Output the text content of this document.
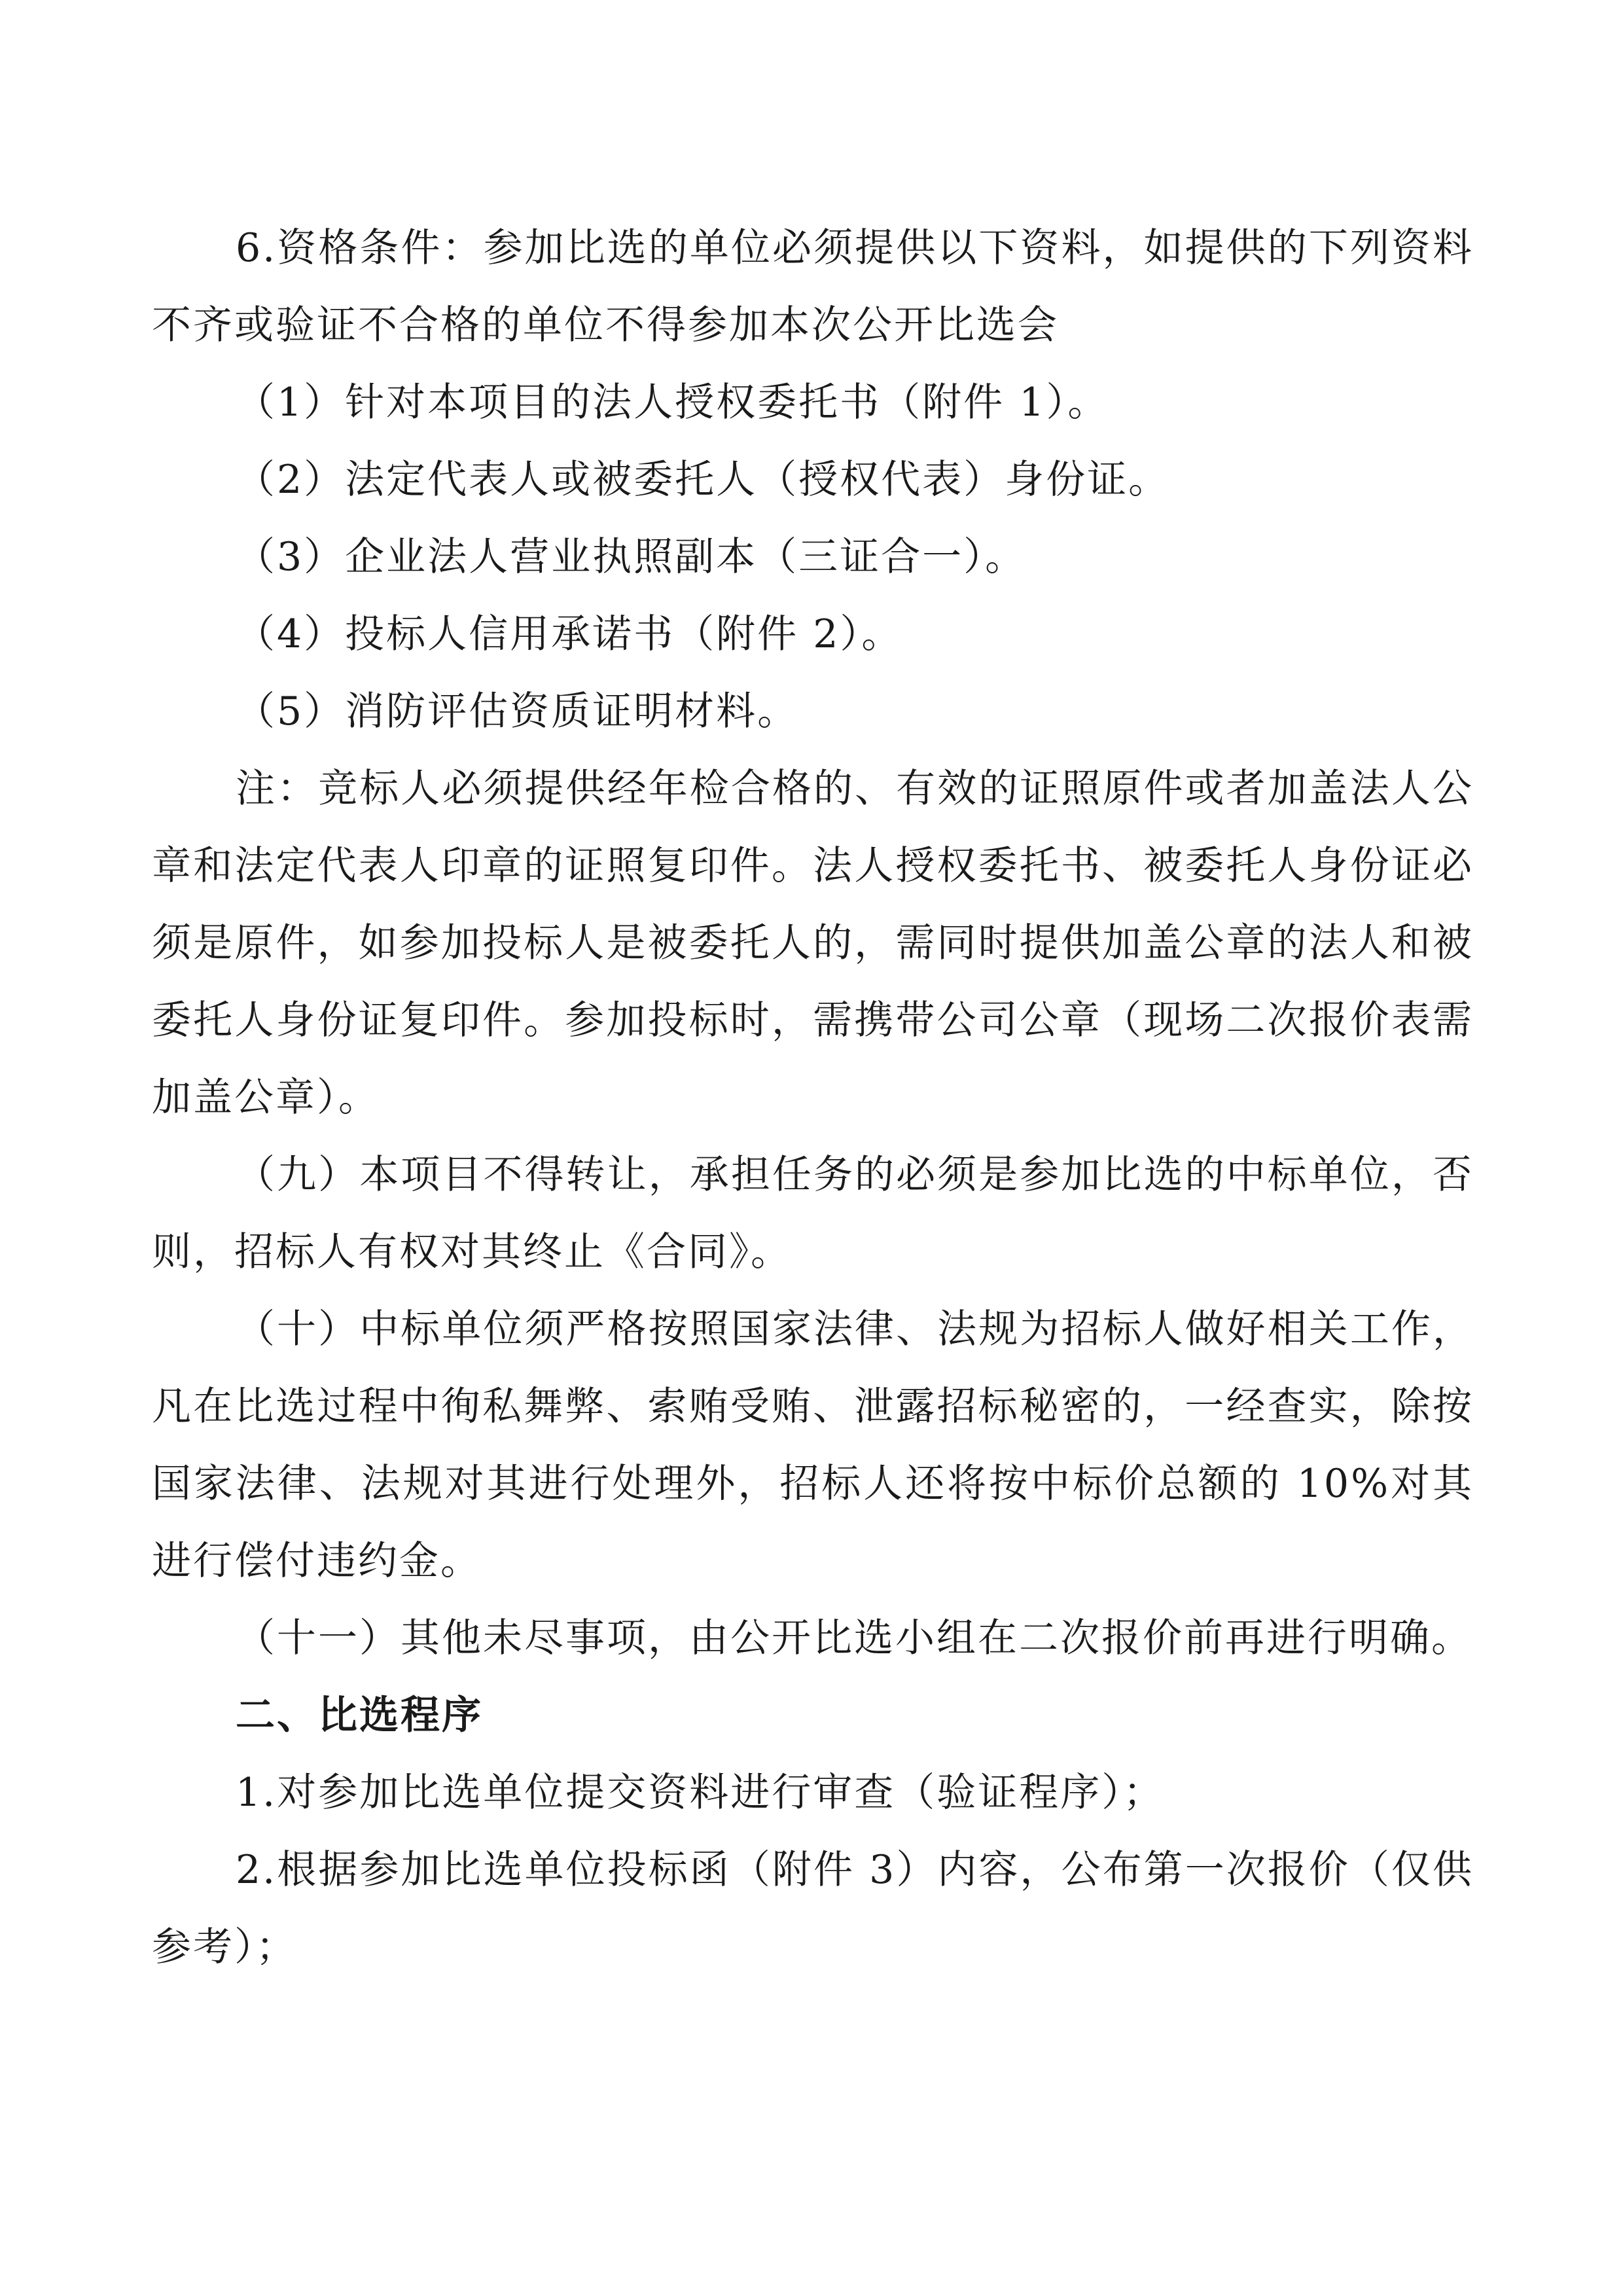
6.资格条件：参加比选的单位必须提供以下资料，如提供的下列资料不齐或验证不合格的单位不得参加本次公开比选会

（1）针对本项目的法人授权委托书（附件 1）。

（2）法定代表人或被委托人（授权代表）身份证。

（3）企业法人营业执照副本（三证合一）。

（4）投标人信用承诺书（附件 2）。

（5）消防评估资质证明材料。

注：竞标人必须提供经年检合格的、有效的证照原件或者加盖法人公章和法定代表人印章的证照复印件。法人授权委托书、被委托人身份证必须是原件，如参加投标人是被委托人的，需同时提供加盖公章的法人和被委托人身份证复印件。参加投标时，需携带公司公章（现场二次报价表需加盖公章）。

（九）本项目不得转让，承担任务的必须是参加比选的中标单位，否则，招标人有权对其终止《合同》。

（十）中标单位须严格按照国家法律、法规为招标人做好相关工作，凡在比选过程中徇私舞弊、索贿受贿、泄露招标秘密的，一经查实，除按国家法律、法规对其进行处理外，招标人还将按中标价总额的 10%对其进行偿付违约金。

（十一）其他未尽事项，由公开比选小组在二次报价前再进行明确。

二、比选程序

1.对参加比选单位提交资料进行审查（验证程序）；

2.根据参加比选单位投标函（附件 3）内容，公布第一次报价（仅供参考）；
